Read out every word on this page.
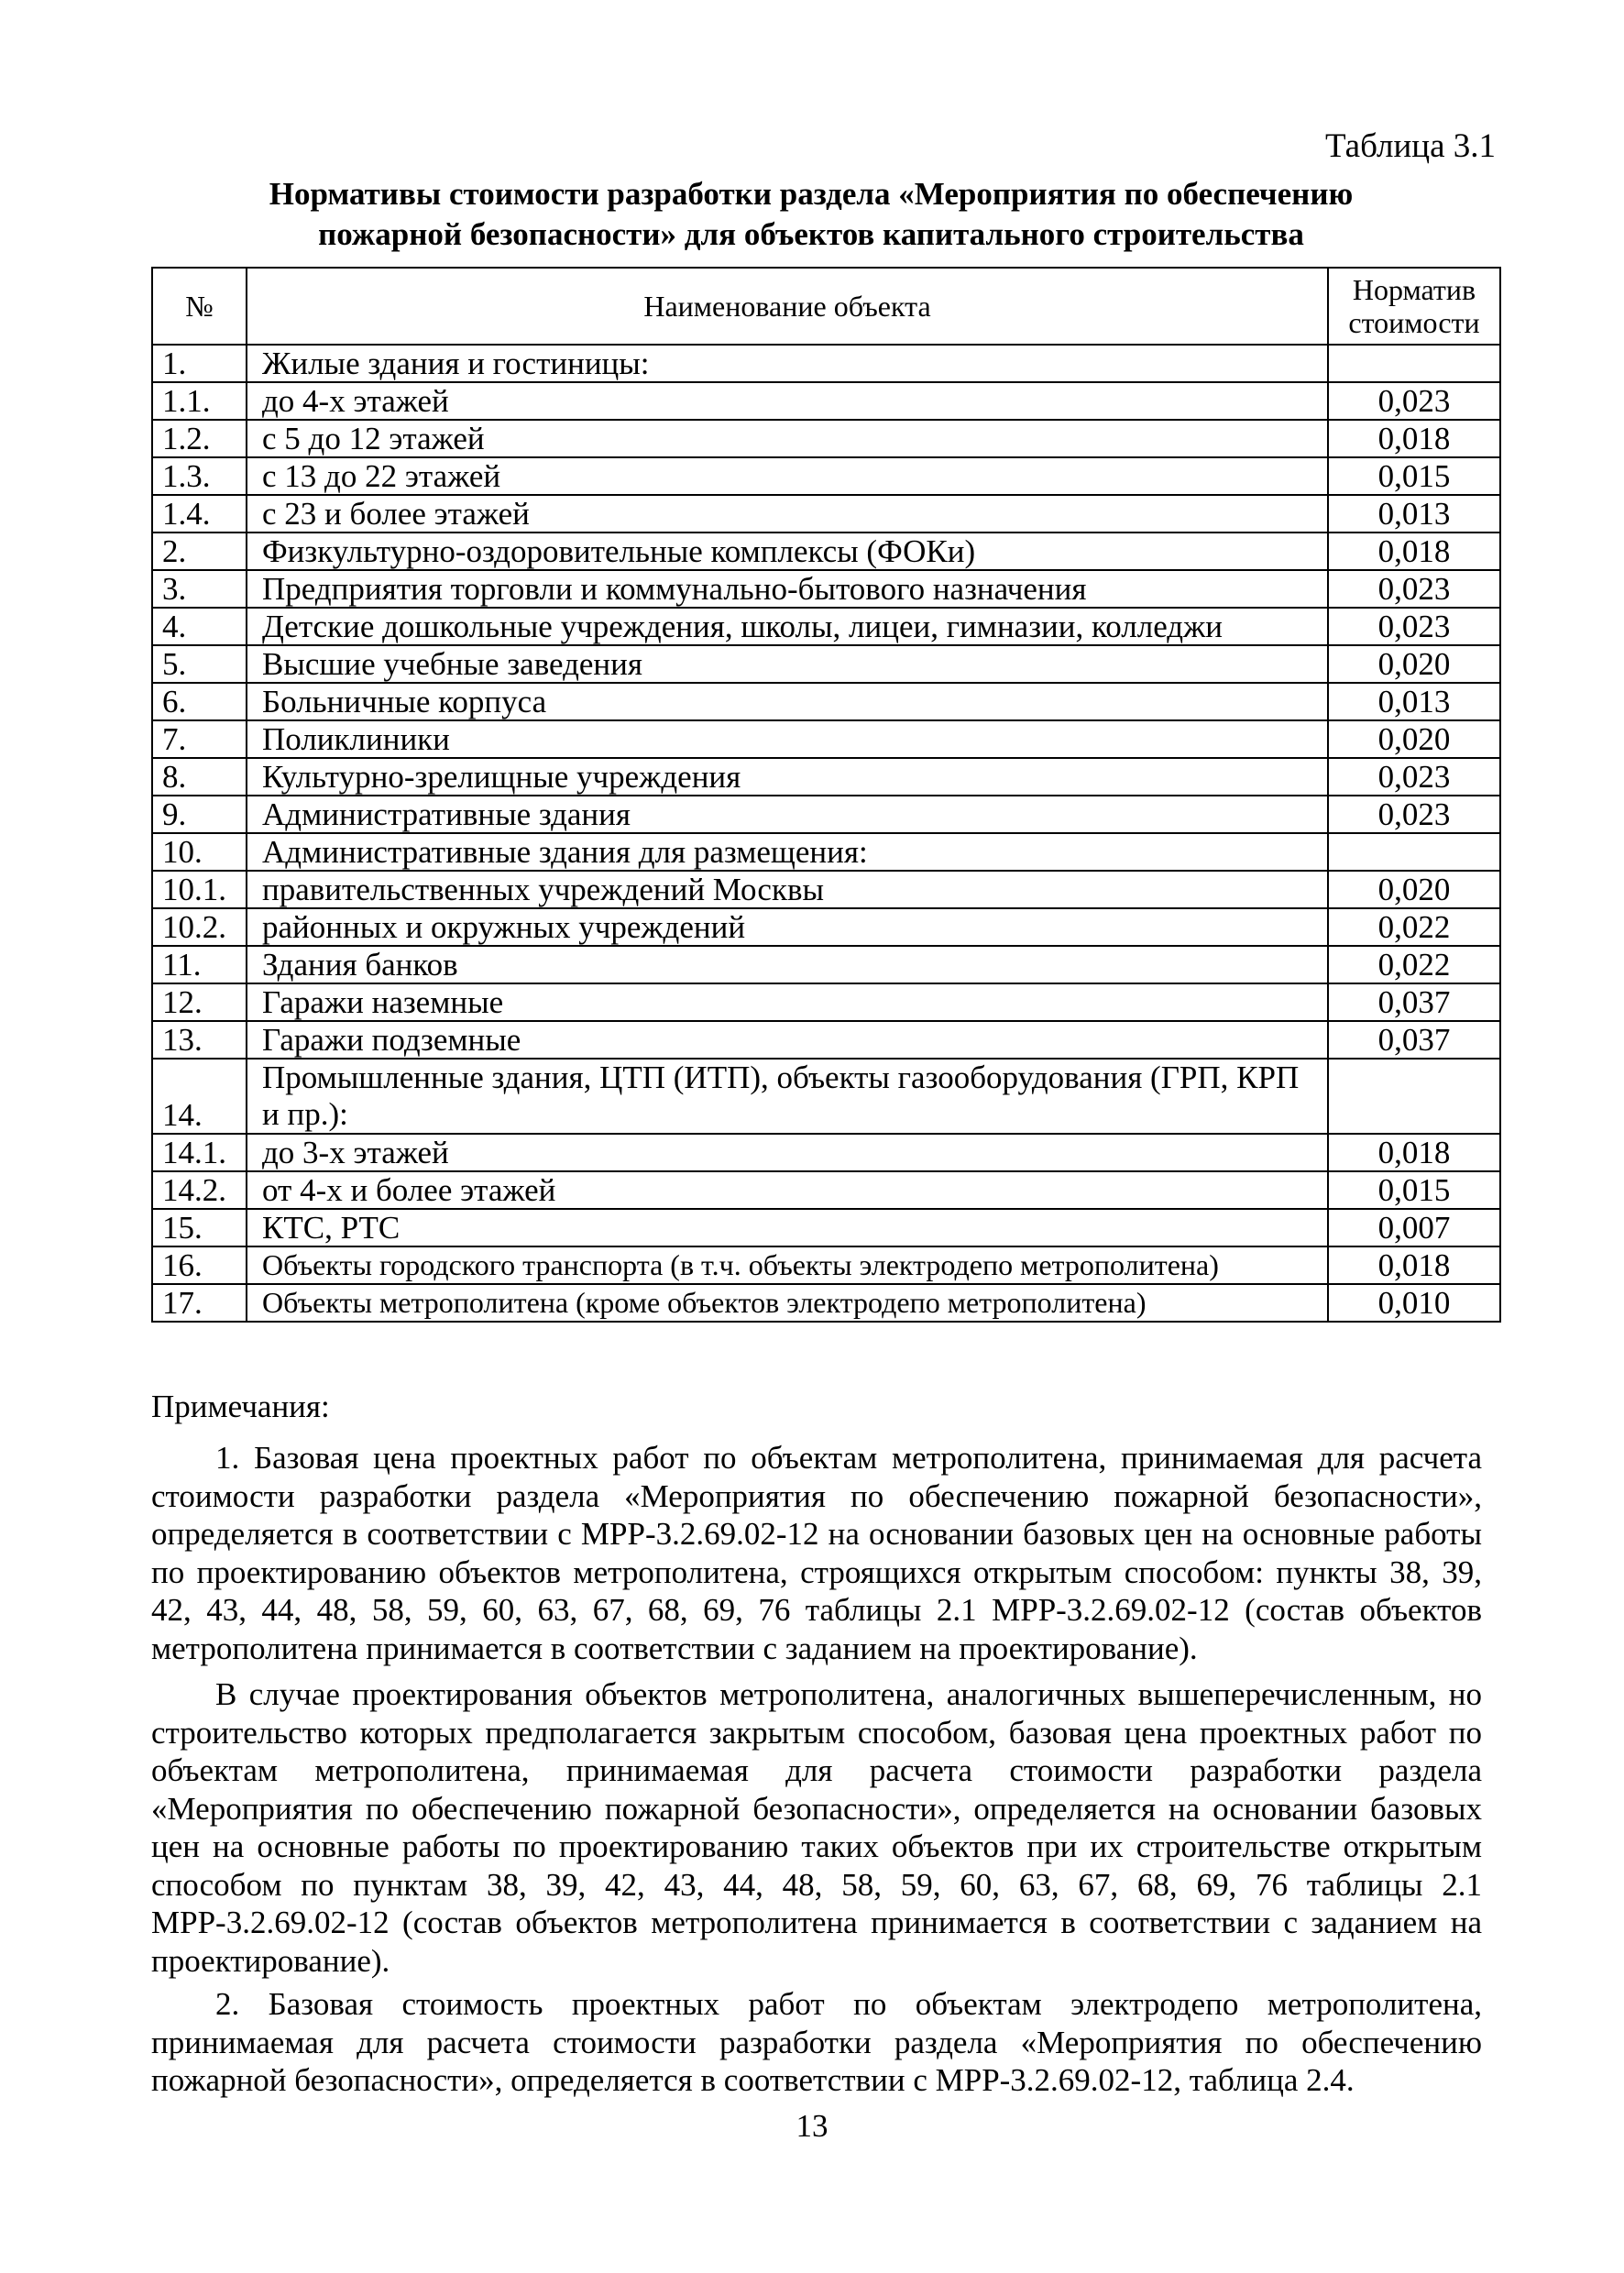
Таблица 3.1
Нормативы стоимости разработки раздела «Мероприятия по обеспечению
пожарной безопасности» для объектов капитального строительства
№	Наименование объекта	Норматив стоимости
1.	Жилые здания и гостиницы:	
1.1.	до 4-х этажей	0,023
1.2.	с 5 до 12 этажей	0,018
1.3.	с 13 до 22 этажей	0,015
1.4.	с 23 и более этажей	0,013
2.	Физкультурно-оздоровительные комплексы (ФОКи)	0,018
3.	Предприятия торговли и коммунально-бытового назначения	0,023
4.	Детские дошкольные учреждения, школы, лицеи, гимназии, колледжи	0,023
5.	Высшие учебные заведения	0,020
6.	Больничные корпуса	0,013
7.	Поликлиники	0,020
8.	Культурно-зрелищные учреждения	0,023
9.	Административные здания	0,023
10.	Административные здания для размещения:	
10.1.	правительственных учреждений Москвы	0,020
10.2.	районных и окружных учреждений	0,022
11.	Здания банков	0,022
12.	Гаражи наземные	0,037
13.	Гаражи подземные	0,037
14.	Промышленные здания, ЦТП (ИТП), объекты газооборудования (ГРП, КРП и пр.):	
14.1.	до 3-х этажей	0,018
14.2.	от 4-х и более этажей	0,015
15.	КТС, РТС	0,007
16.	Объекты городского транспорта (в т.ч. объекты электродепо метрополитена)	0,018
17.	Объекты метрополитена (кроме объектов электродепо метрополитена)	0,010
Примечания:
1. Базовая цена проектных работ по объектам метрополитена, принимаемая для расчета стоимости разработки раздела «Мероприятия по обеспечению пожарной безопасности», определяется в соответствии с МРР-3.2.69.02-12 на основании базовых цен на основные работы по проектированию объектов метрополитена, строящихся открытым способом: пункты 38, 39, 42, 43, 44, 48, 58, 59, 60, 63, 67, 68, 69, 76 таблицы 2.1 МРР-3.2.69.02-12 (состав объектов метрополитена принимается в соответствии с заданием на проектирование).
В случае проектирования объектов метрополитена, аналогичных вышеперечисленным, но строительство которых предполагается закрытым способом, базовая цена проектных работ по объектам метрополитена, принимаемая для расчета стоимости разработки раздела «Мероприятия по обеспечению пожарной безопасности», определяется на основании базовых цен на основные работы по проектированию таких объектов при их строительстве открытым способом по пунктам 38, 39, 42, 43, 44, 48, 58, 59, 60, 63, 67, 68, 69, 76 таблицы 2.1 МРР-3.2.69.02-12 (состав объектов метрополитена принимается в соответствии с заданием на проектирование).
2. Базовая стоимость проектных работ по объектам электродепо метрополитена, принимаемая для расчета стоимости разработки раздела «Мероприятия по обеспечению пожарной безопасности», определяется в соответствии с МРР-3.2.69.02-12, таблица 2.4.
13
